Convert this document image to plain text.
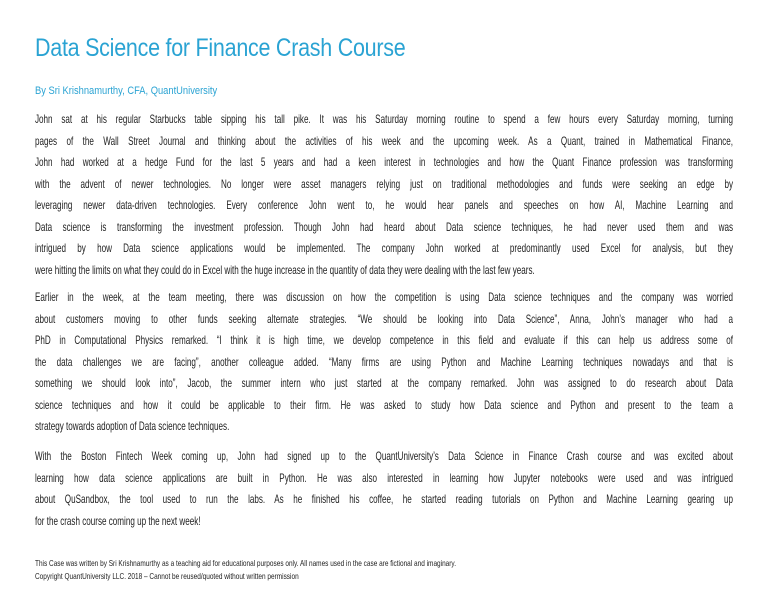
Data Science for Finance Crash Course
By Sri Krishnamurthy, CFA, QuantUniversity
John sat at his regular Starbucks table sipping his tall pike. It was his Saturday morning routine to spend a few hours every Saturday morning, turning
pages of the Wall Street Journal and thinking about the activities of his week and the upcoming week. As a Quant, trained in Mathematical Finance,
John had worked at a hedge Fund for the last 5 years and had a keen interest in technologies and how the Quant Finance profession was transforming
with the advent of newer technologies. No longer were asset managers relying just on traditional methodologies and funds were seeking an edge by
leveraging newer data-driven technologies. Every conference John went to, he would hear panels and speeches on how AI, Machine Learning and
Data science is transforming the investment profession. Though John had heard about Data science techniques, he had never used them and was
intrigued by how Data science applications would be implemented. The company John worked at predominantly used Excel for analysis, but they
were hitting the limits on what they could do in Excel with the huge increase in the quantity of data they were dealing with the last few years.
Earlier in the week, at the team meeting, there was discussion on how the competition is using Data science techniques and the company was worried
about customers moving to other funds seeking alternate strategies. “We should be looking into Data Science”, Anna, John’s manager who had a
PhD in Computational Physics remarked. “I think it is high time, we develop competence in this field and evaluate if this can help us address some of
the data challenges we are facing”, another colleague added. “Many firms are using Python and Machine Learning techniques nowadays and that is
something we should look into”, Jacob, the summer intern who just started at the company remarked. John was assigned to do research about Data
science techniques and how it could be applicable to their firm. He was asked to study how Data science and Python and present to the team a
strategy towards adoption of Data science techniques.
With the Boston Fintech Week coming up, John had signed up to the QuantUniversity’s Data Science in Finance Crash course and was excited about
learning how data science applications are built in Python. He was also interested in learning how Jupyter notebooks were used and was intrigued
about QuSandbox, the tool used to run the labs. As he finished his coffee, he started reading tutorials on Python and Machine Learning gearing up
for the crash course coming up the next week!
This Case was written by Sri Krishnamurthy as a teaching aid for educational purposes only. All names used in the case are fictional and imaginary.
Copyright QuantUniversity LLC. 2018 – Cannot be reused/quoted without written permission
